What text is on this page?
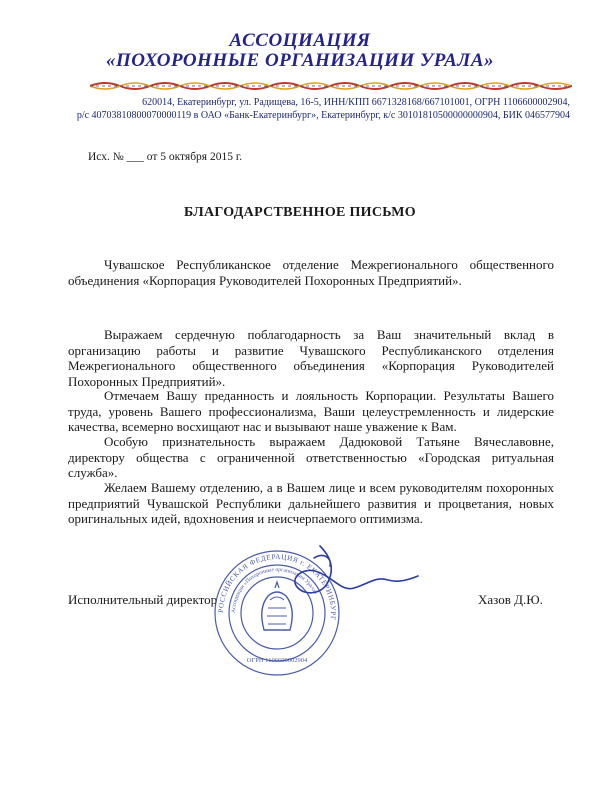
АССОЦИАЦИЯ
«ПОХОРОННЫЕ ОРГАНИЗАЦИИ УРАЛА»
620014, Екатеринбург, ул. Радищева, 16-5, ИНН/КПП 6671328168/667101001, ОГРН 1106600002904,
р/с 40703810800070000119 в ОАО «Банк-Екатеринбург», Екатеринбург, к/с 30101810500000000904, БИК 046577904
Исх. № ___ от 5 октября 2015 г.
БЛАГОДАРСТВЕННОЕ ПИСЬМО
Чувашское Республиканское отделение Межрегионального общественного объединения «Корпорация Руководителей Похоронных Предприятий».
Выражаем сердечную поблагодарность за Ваш значительный вклад в организацию работы и развитие Чувашского Республиканского отделения Межрегионального общественного объединения «Корпорация Руководителей Похоронных Предприятий».
Отмечаем Вашу преданность и лояльность Корпорации. Результаты Вашего труда, уровень Вашего профессионализма, Ваши целеустремленность и лидерские качества, всемерно восхищают нас и вызывают наше уважение к Вам.
Особую признательность выражаем Дадюковой Татьяне Вячеславовне, директору общества с ограниченной ответственностью «Городская ритуальная служба».
Желаем Вашему отделению, а в Вашем лице и всем руководителям похоронных предприятий Чувашской Республики дальнейшего развития и процветания, новых оригинальных идей, вдохновения и неисчерпаемого оптимизма.
Исполнительный директор	Хазов Д.Ю.
РОССИЙСКАЯ ФЕДЕРАЦИЯ г. ЕКАТЕРИНБУРГ
Ассоциация «Похоронные организации Урала»
ОГРН 1106600002904
